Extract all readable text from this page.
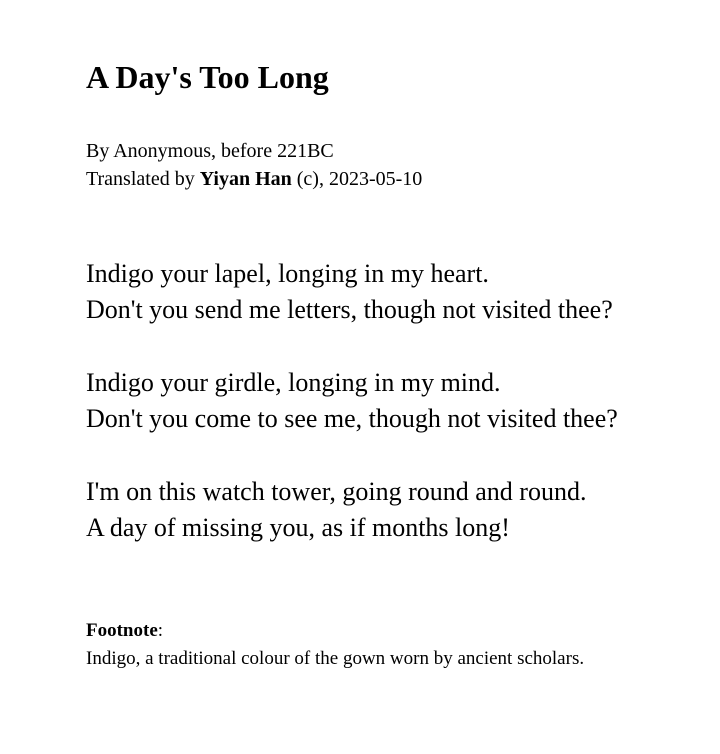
A Day's Too Long
By Anonymous, before 221BC
Translated by Yiyan Han (c), 2023-05-10
Indigo your lapel, longing in my heart.
Don't you send me letters, though not visited thee?
Indigo your girdle, longing in my mind.
Don't you come to see me, though not visited thee?
I'm on this watch tower, going round and round.
A day of missing you, as if months long!
Footnote:
Indigo, a traditional colour of the gown worn by ancient scholars.
